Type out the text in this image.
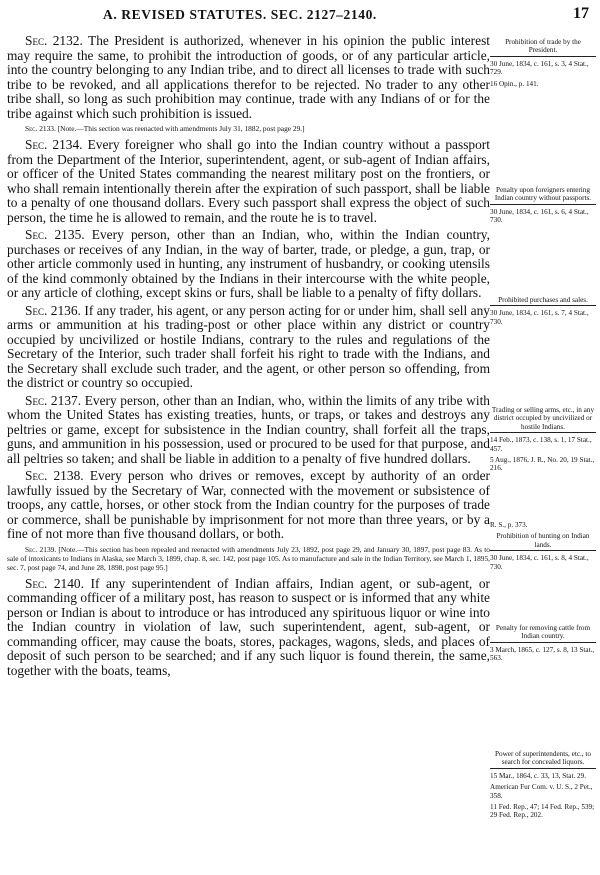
A. REVISED STATUTES. SEC. 2127–2140.	17

Sec. 2132. The President is authorized, whenever in his opinion the public interest may require the same, to prohibit the introduction of goods, or of any particular article, into the country belonging to any Indian tribe, and to direct all licenses to trade with such tribe to be revoked, and all applications therefor to be rejected. No trader to any other tribe shall, so long as such prohibition may continue, trade with any Indians of or for the tribe against which such prohibition is issued.

Sec. 2133. [Note.—This section was reenacted with amendments July 31, 1882, post page 29.]

Sec. 2134. Every foreigner who shall go into the Indian country without a passport from the Department of the Interior, superintendent, agent, or sub-agent of Indian affairs, or officer of the United States commanding the nearest military post on the frontiers, or who shall remain intentionally therein after the expiration of such passport, shall be liable to a penalty of one thousand dollars. Every such passport shall express the object of such person, the time he is allowed to remain, and the route he is to travel.

Sec. 2135. Every person, other than an Indian, who, within the Indian country, purchases or receives of any Indian, in the way of barter, trade, or pledge, a gun, trap, or other article commonly used in hunting, any instrument of husbandry, or cooking utensils of the kind commonly obtained by the Indians in their intercourse with the white people, or any article of clothing, except skins or furs, shall be liable to a penalty of fifty dollars.

Sec. 2136. If any trader, his agent, or any person acting for or under him, shall sell any arms or ammunition at his trading-post or other place within any district or country occupied by uncivilized or hostile Indians, contrary to the rules and regulations of the Secretary of the Interior, such trader shall forfeit his right to trade with the Indians, and the Secretary shall exclude such trader, and the agent, or other person so offending, from the district or country so occupied.

Sec. 2137. Every person, other than an Indian, who, within the limits of any tribe with whom the United States has existing treaties, hunts, or traps, or takes and destroys any peltries or game, except for subsistence in the Indian country, shall forfeit all the traps, guns, and ammunition in his possession, used or procured to be used for that purpose, and all peltries so taken; and shall be liable in addition to a penalty of five hundred dollars.

Sec. 2138. Every person who drives or removes, except by authority of an order lawfully issued by the Secretary of War, connected with the movement or subsistence of troops, any cattle, horses, or other stock from the Indian country for the purposes of trade or commerce, shall be punishable by imprisonment for not more than three years, or by a fine of not more than five thousand dollars, or both.

Sec. 2139. [Note.—This section has been repealed and reenacted with amendments July 23, 1892, post page 29, and January 30, 1897, post page 83. As to sale of intoxicants to Indians in Alaska, see March 3, 1899, chap. 8, sec. 142, post page 105. As to manufacture and sale in the Indian Territory, see March 1, 1895, sec. 7, post page 74, and June 28, 1898, post page 95.]

Sec. 2140. If any superintendent of Indian affairs, Indian agent, or sub-agent, or commanding officer of a military post, has reason to suspect or is informed that any white person or Indian is about to introduce or has introduced any spirituous liquor or wine into the Indian country in violation of law, such superintendent, agent, sub-agent, or commanding officer, may cause the boats, stores, packages, wagons, sleds, and places of deposit of such person to be searched; and if any such liquor is found therein, the same, together with the boats, teams,

Prohibition of trade by the President.
30 June, 1834, c. 161, s. 3, 4 Stat., 729.
16 Opin., p. 141.
Penalty upon foreigners entering Indian country without passports.
30 June, 1834, c. 161, s. 6, 4 Stat., 730.
Prohibited purchases and sales.
30 June, 1834, c. 161, s. 7, 4 Stat., 730.
Trading or selling arms, etc., in any district occupied by uncivilized or hostile Indians.
14 Feb., 1873, c. 138, s. 1, 17 Stat., 457.
5 Aug., 1876, J. R., No. 20, 19 Stat., 216.
R. S., p. 373.
Prohibition of hunting on Indian lands.
30 June, 1834, c. 161, s. 8, 4 Stat., 730.
Penalty for removing cattle from Indian country.
3 March, 1865, c. 127, s. 8, 13 Stat., 563.
Power of superintendents, etc., to search for concealed liquors.
15 Mar., 1864, c. 33, 13, Stat. 29.
American Fur Com. v. U. S., 2 Pet., 358.
11 Fed. Rep., 47; 14 Fed. Rep., 539; 29 Fed. Rep., 202.
